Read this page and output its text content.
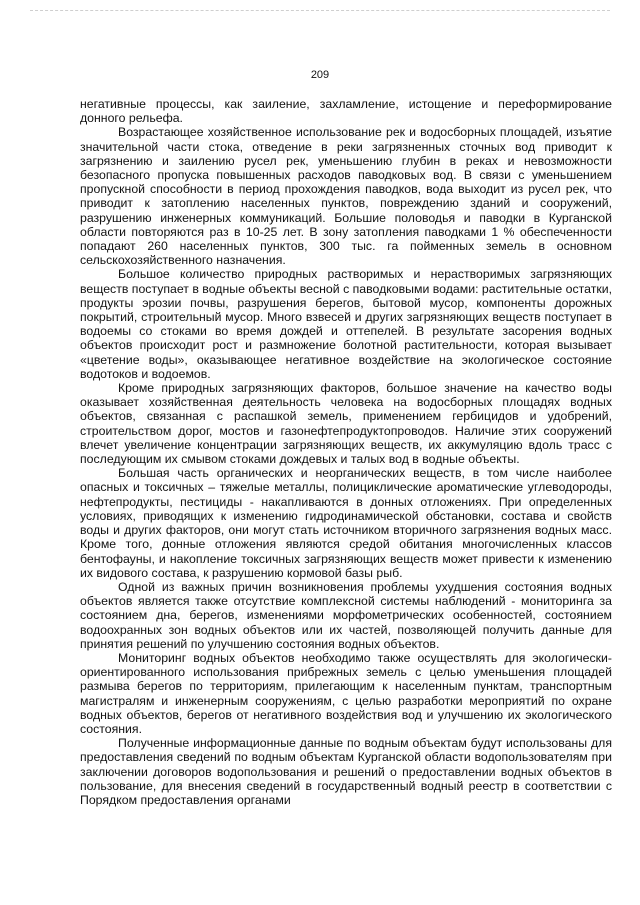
209

негативные процессы, как заиление, захламление, истощение и переформирование донного рельефа.

Возрастающее хозяйственное использование рек и водосборных площадей, изъятие значительной части стока, отведение в реки загрязненных сточных вод приводит к загрязнению и заилению русел рек, уменьшению глубин в реках и невозможности безопасного пропуска повышенных расходов паводковых вод. В связи с уменьшением пропускной способности в период прохождения паводков, вода выходит из русел рек, что приводит к затоплению населенных пунктов, повреждению зданий и сооружений, разрушению инженерных коммуникаций. Большие половодья и паводки в Курганской области повторяются раз в 10-25 лет. В зону затопления паводками 1 % обеспеченности попадают 260 населенных пунктов, 300 тыс. га пойменных земель в основном сельскохозяйственного назначения.

Большое количество природных растворимых и нерастворимых загрязняющих веществ поступает в водные объекты весной с паводковыми водами: растительные остатки, продукты эрозии почвы, разрушения берегов, бытовой мусор, компоненты дорожных покрытий, строительный мусор. Много взвесей и других загрязняющих веществ поступает в водоемы со стоками во время дождей и оттепелей. В результате засорения водных объектов происходит рост и размножение болотной растительности, которая вызывает «цветение воды», оказывающее негативное воздействие на экологическое состояние водотоков и водоемов.

Кроме природных загрязняющих факторов, большое значение на качество воды оказывает хозяйственная деятельность человека на водосборных площадях водных объектов, связанная с распашкой земель, применением гербицидов и удобрений, строительством дорог, мостов и газонефтепродуктопроводов. Наличие этих сооружений влечет увеличение концентрации загрязняющих веществ, их аккумуляцию вдоль трасс с последующим их смывом стоками дождевых и талых вод в водные объекты.

Большая часть органических и неорганических веществ, в том числе наиболее опасных и токсичных – тяжелые металлы, полициклические ароматические углеводороды, нефтепродукты, пестициды - накапливаются в донных отложениях. При определенных условиях, приводящих к изменению гидродинамической обстановки, состава и свойств воды и других факторов, они могут стать источником вторичного загрязнения водных масс. Кроме того, донные отложения являются средой обитания многочисленных классов бентофауны, и накопление токсичных загрязняющих веществ может привести к изменению их видового состава, к разрушению кормовой базы рыб.

Одной из важных причин возникновения проблемы ухудшения состояния водных объектов является также отсутствие комплексной системы наблюдений - мониторинга за состоянием дна, берегов, изменениями морфометрических особенностей, состоянием водоохранных зон водных объектов или их частей, позволяющей получить данные для принятия решений по улучшению состояния водных объектов.

Мониторинг водных объектов необходимо также осуществлять для экологически-ориентированного использования прибрежных земель с целью уменьшения площадей размыва берегов по территориям, прилегающим к населенным пунктам, транспортным магистралям и инженерным сооружениям, с целью разработки мероприятий по охране водных объектов, берегов от негативного воздействия вод и улучшению их экологического состояния.

Полученные информационные данные по водным объектам будут использованы для предоставления сведений по водным объектам Курганской области водопользователям при заключении договоров водопользования и решений о предоставлении водных объектов в пользование, для внесения сведений в государственный водный реестр в соответствии с Порядком предоставления органами
